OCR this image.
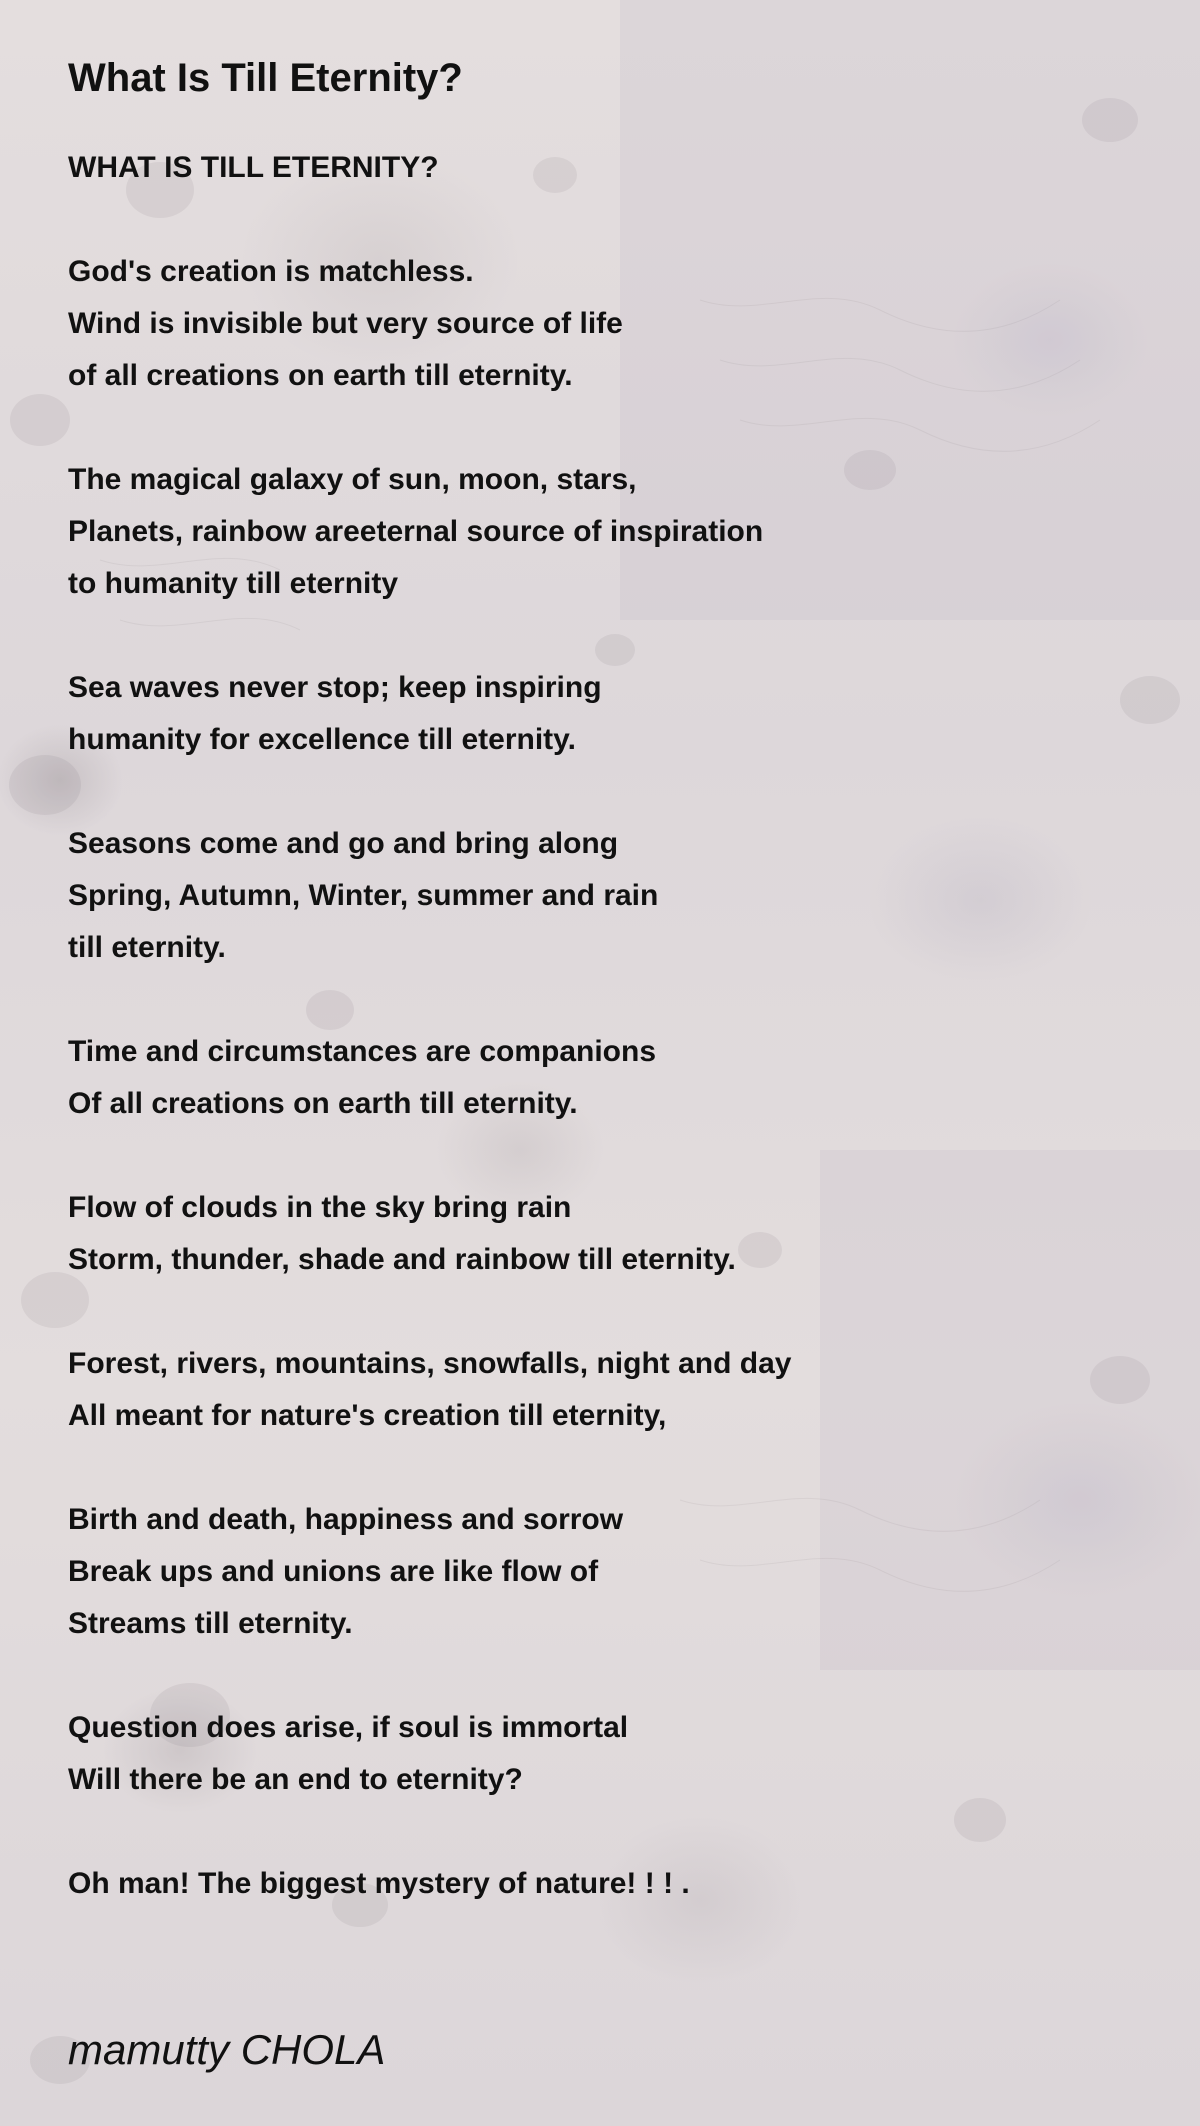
What Is Till Eternity?
WHAT IS TILL ETERNITY?
God's creation is matchless.
Wind is invisible but very source of life
of all creations on earth till eternity.
The magical galaxy of sun, moon, stars,
Planets, rainbow areeternal source of inspiration
to humanity till eternity
Sea waves never stop; keep inspiring
humanity for excellence till eternity.
Seasons come and go and bring along
Spring, Autumn, Winter, summer and rain
till eternity.
Time and circumstances are companions
Of all creations on earth till eternity.
Flow of clouds in the sky bring rain
Storm, thunder, shade and rainbow till eternity.
Forest, rivers, mountains, snowfalls, night and day
All meant for nature's creation till eternity,
Birth and death, happiness and sorrow
Break ups and unions are like flow of
Streams till eternity.
Question does arise, if soul is immortal
Will there be an end to eternity?
Oh man! The biggest mystery of nature! ! ! .

mamutty CHOLA
